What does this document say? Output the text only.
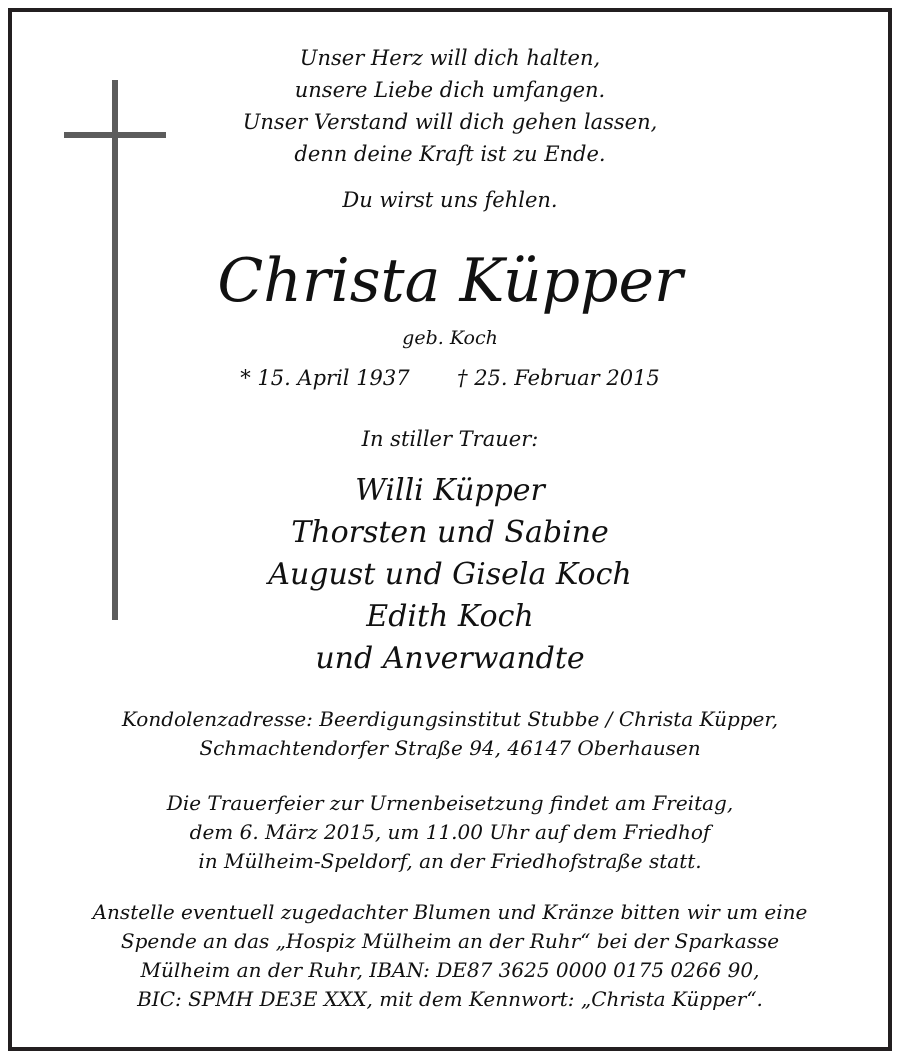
Unser Herz will dich halten,
unsere Liebe dich umfangen.
Unser Verstand will dich gehen lassen,
denn deine Kraft ist zu Ende.
Du wirst uns fehlen.
Christa Küpper
geb. Koch
* 15. April 1937 † 25. Februar 2015
In stiller Trauer:
Willi Küpper
Thorsten und Sabine
August und Gisela Koch
Edith Koch
und Anverwandte
Kondolenzadresse: Beerdigungsinstitut Stubbe / Christa Küpper,
Schmachtendorfer Straße 94, 46147 Oberhausen
Die Trauerfeier zur Urnenbeisetzung findet am Freitag,
dem 6. März 2015, um 11.00 Uhr auf dem Friedhof
in Mülheim-Speldorf, an der Friedhofstraße statt.
Anstelle eventuell zugedachter Blumen und Kränze bitten wir um eine
Spende an das „Hospiz Mülheim an der Ruhr“ bei der Sparkasse
Mülheim an der Ruhr, IBAN: DE87 3625 0000 0175 0266 90,
BIC: SPMH DE3E XXX, mit dem Kennwort: „Christa Küpper“.
